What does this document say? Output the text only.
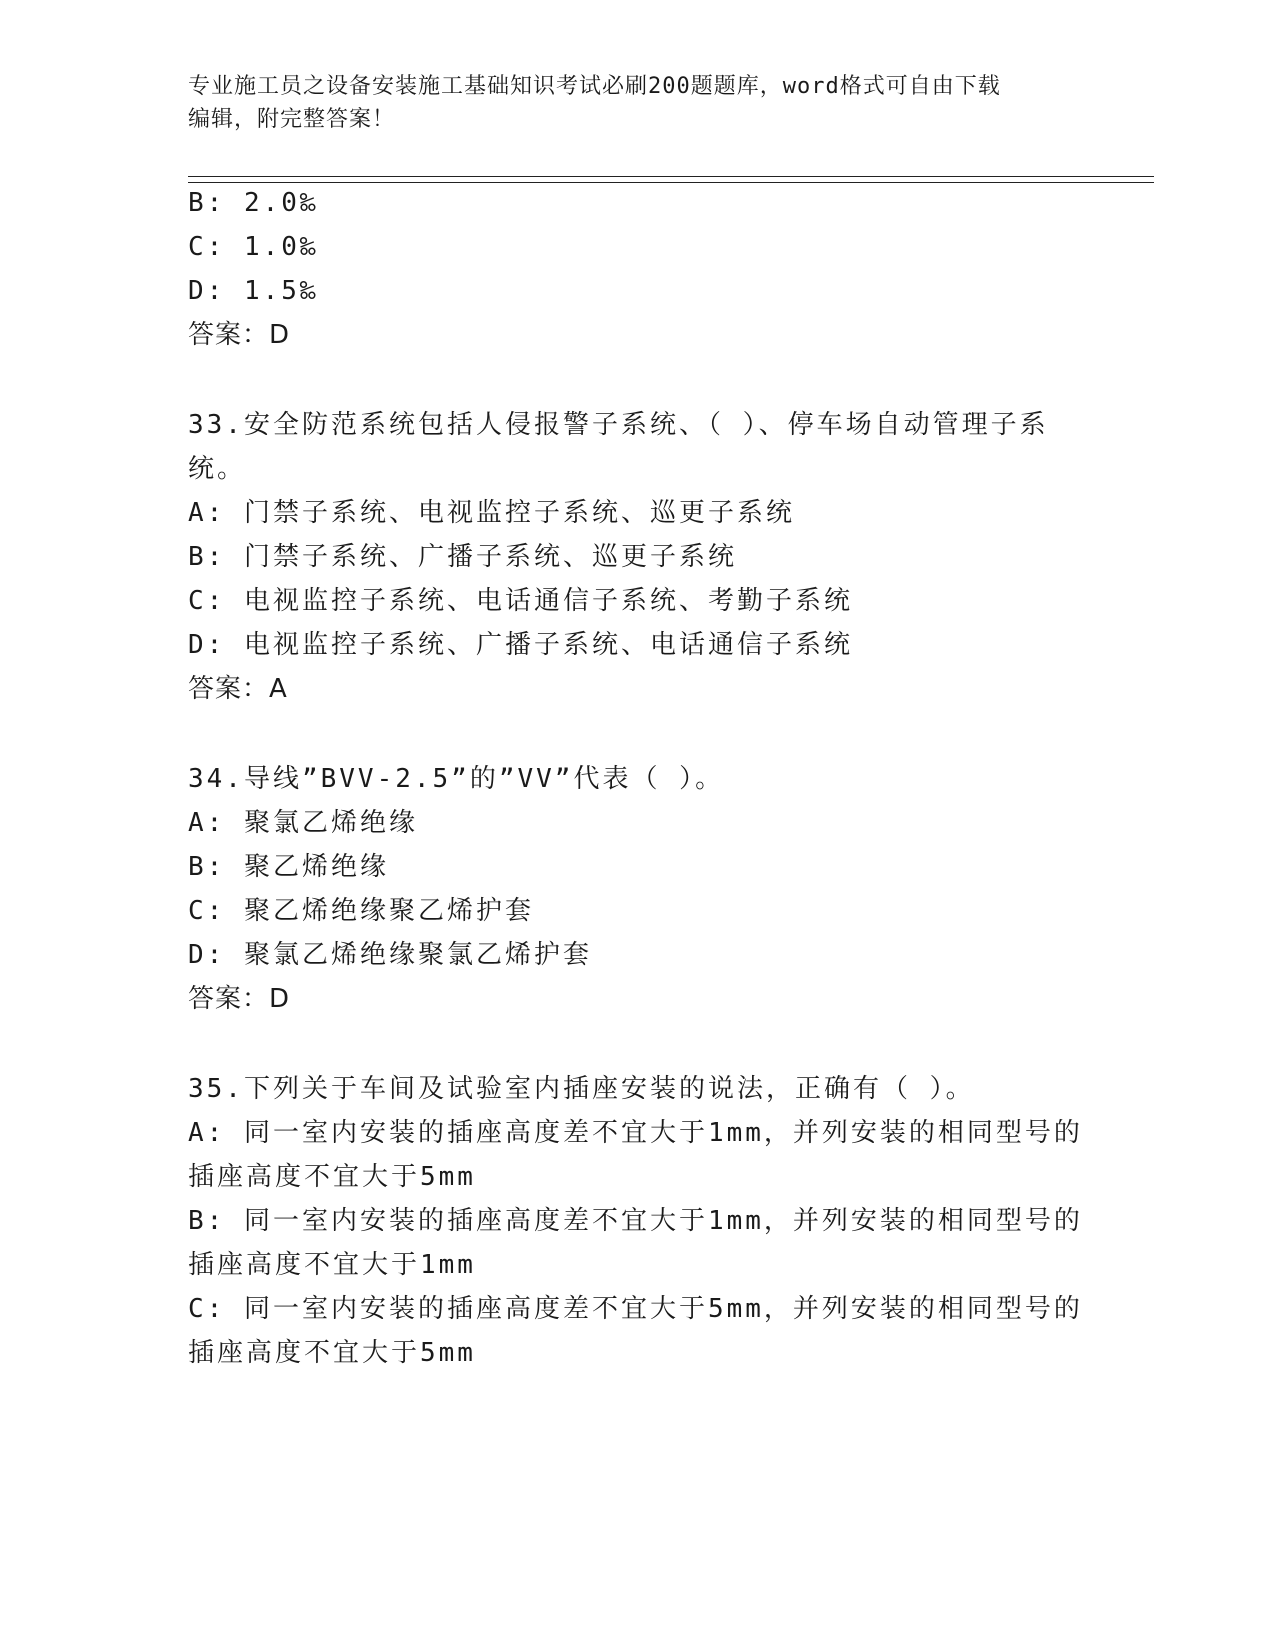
专业施工员之设备安装施工基础知识考试必刷200题题库，word格式可自由下载
编辑，附完整答案！
B: 2.0‰
C: 1.0‰
D: 1.5‰
答案：D
33.安全防范系统包括人侵报警子系统、（ ）、停车场自动管理子系
统。
A: 门禁子系统、电视监控子系统、巡更子系统
B: 门禁子系统、广播子系统、巡更子系统
C: 电视监控子系统、电话通信子系统、考勤子系统
D: 电视监控子系统、广播子系统、电话通信子系统
答案：A
34.导线”BVV-2.5”的”VV”代表（ ）。
A: 聚氯乙烯绝缘
B: 聚乙烯绝缘
C: 聚乙烯绝缘聚乙烯护套
D: 聚氯乙烯绝缘聚氯乙烯护套
答案：D
35.下列关于车间及试验室内插座安装的说法，正确有（ ）。
A: 同一室内安装的插座高度差不宜大于1mm，并列安装的相同型号的
插座高度不宜大于5mm
B: 同一室内安装的插座高度差不宜大于1mm，并列安装的相同型号的
插座高度不宜大于1mm
C: 同一室内安装的插座高度差不宜大于5mm，并列安装的相同型号的
插座高度不宜大于5mm
